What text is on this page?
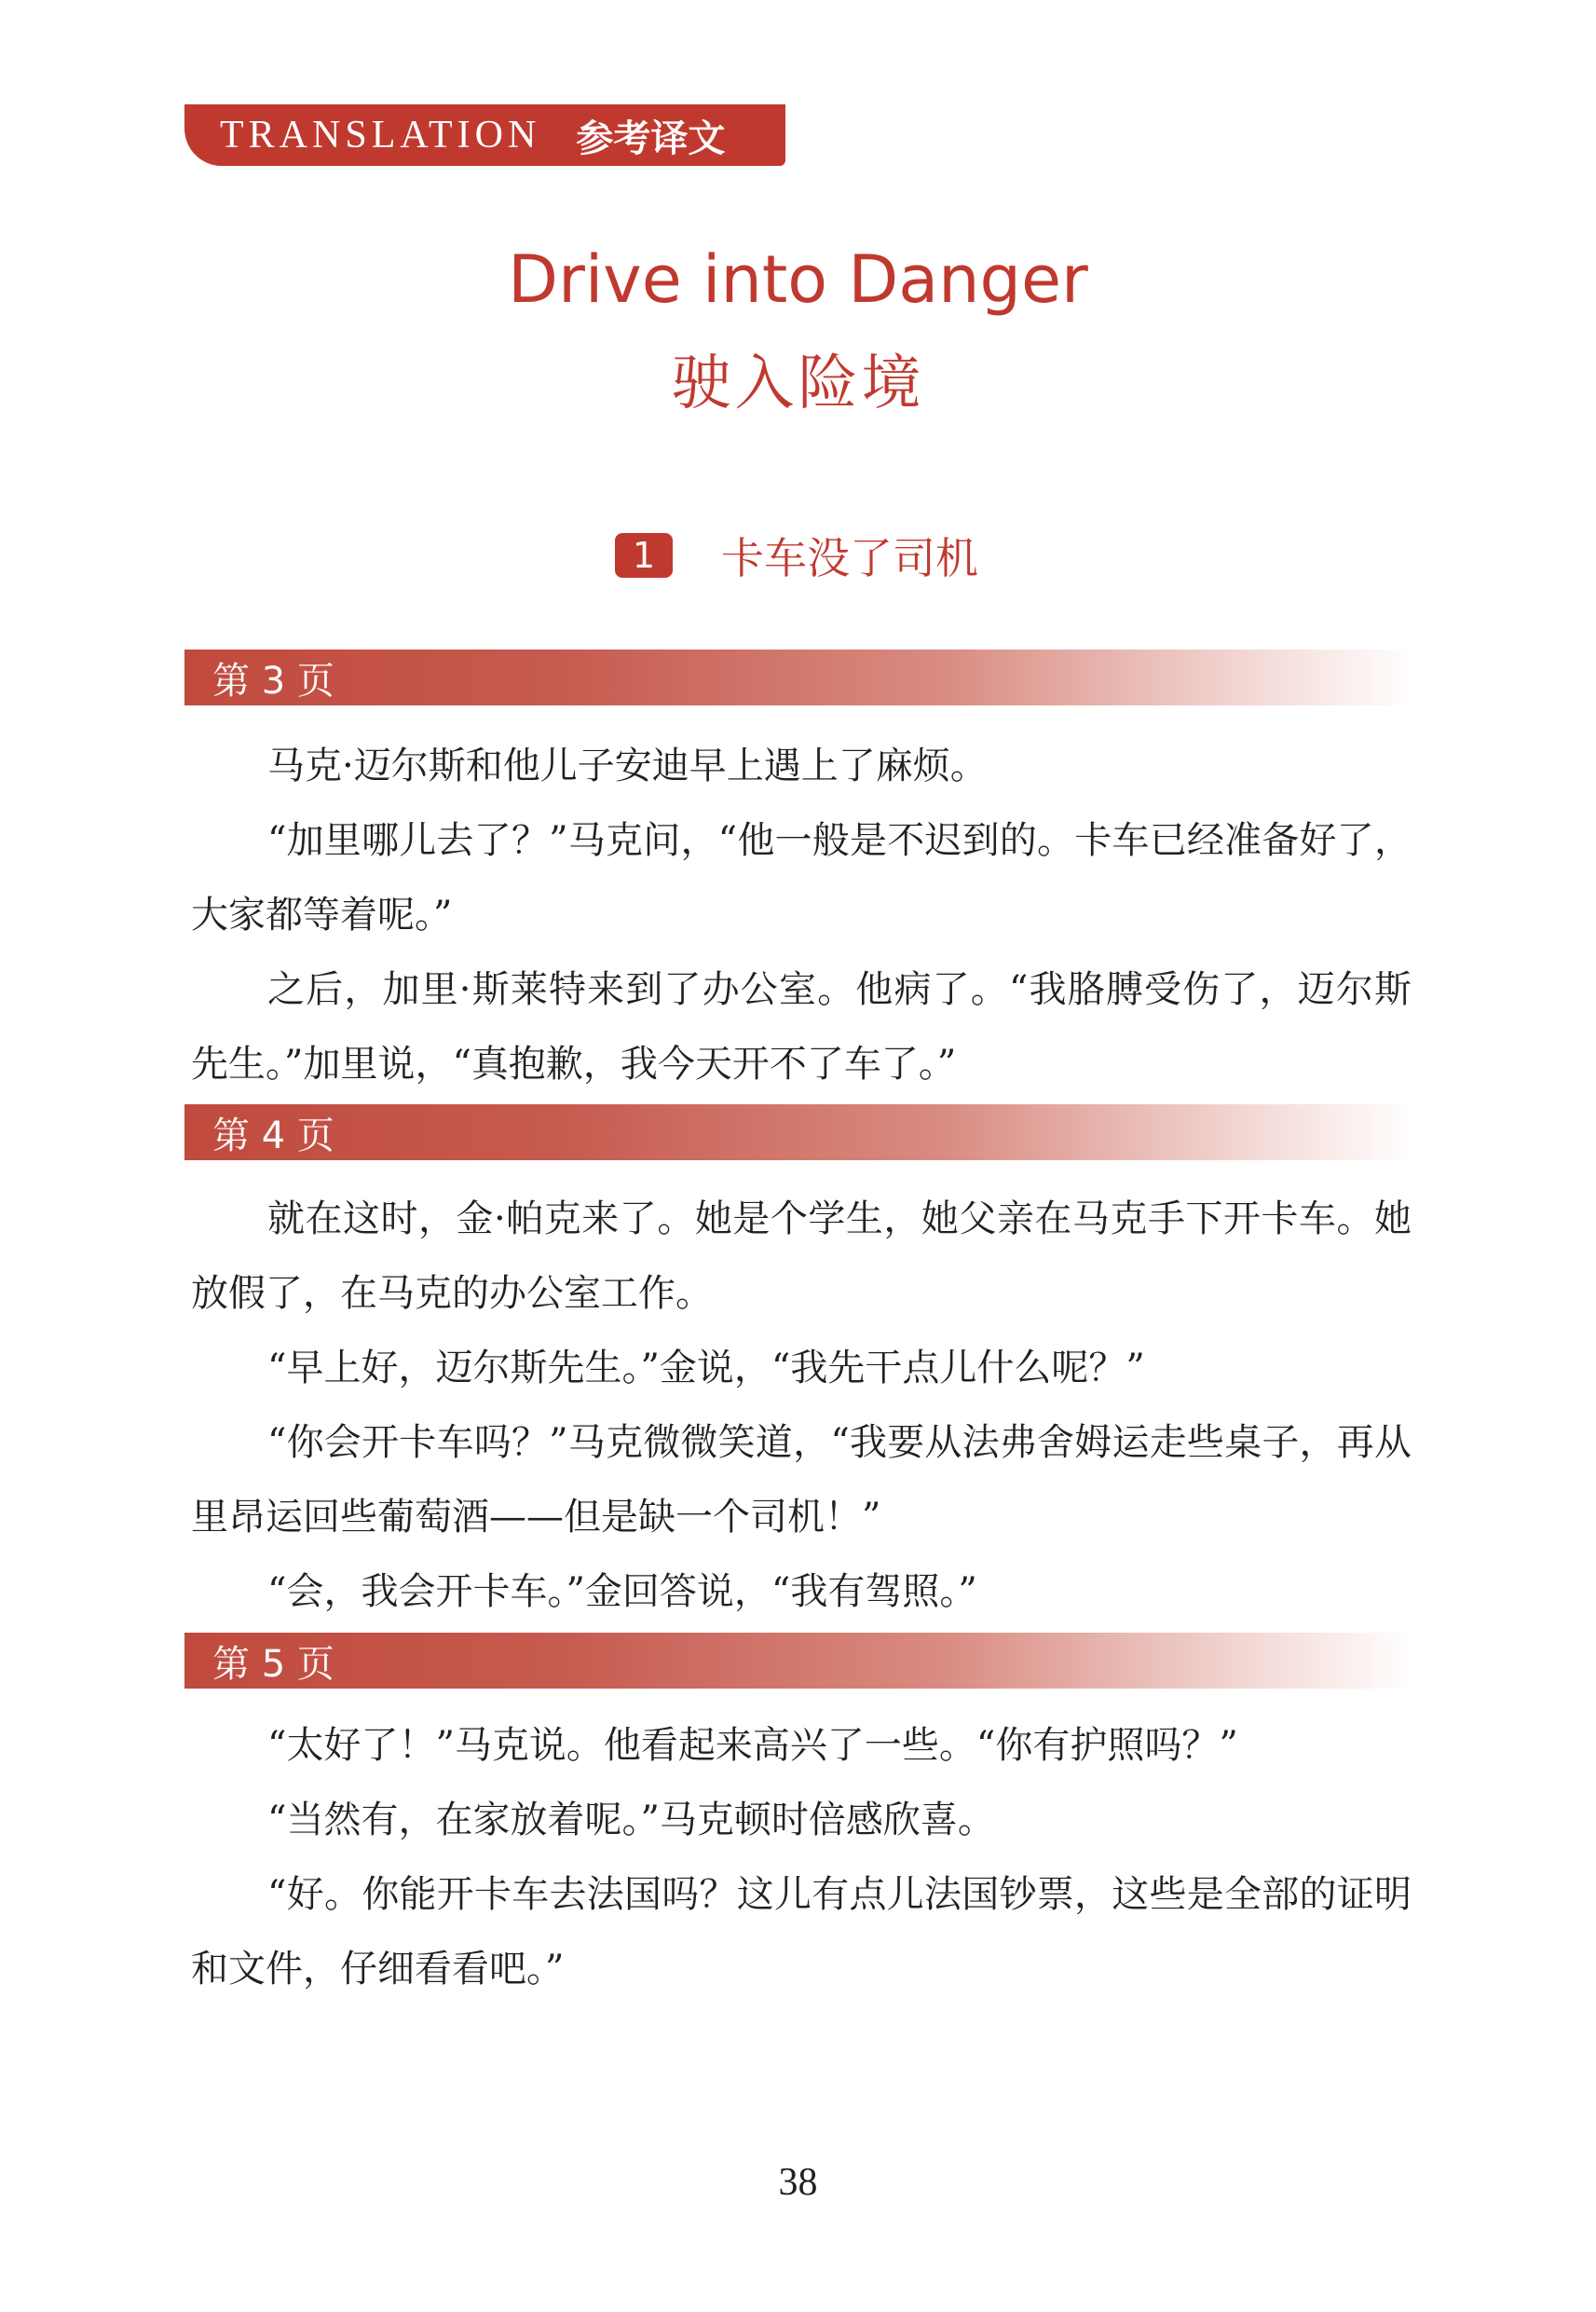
TRANSLATION 参考译文
Drive into Danger
驶入险境
1	卡车没了司机
第 3 页

马克·迈尔斯和他儿子安迪早上遇上了麻烦。

“加里哪儿去了？”马克问，“他一般是不迟到的。卡车已经准备好了，大家都等着呢。”

之后，加里·斯莱特来到了办公室。他病了。“我胳膊受伤了，迈尔斯先生。”加里说，“真抱歉，我今天开不了车了。”

第 4 页

就在这时，金·帕克来了。她是个学生，她父亲在马克手下开卡车。她放假了，在马克的办公室工作。

“早上好，迈尔斯先生。”金说，“我先干点儿什么呢？”

“你会开卡车吗？”马克微微笑道，“我要从法弗舍姆运走些桌子，再从里昂运回些葡萄酒——但是缺一个司机！”

“会，我会开卡车。”金回答说，“我有驾照。”

第 5 页

“太好了！”马克说。他看起来高兴了一些。“你有护照吗？”

“当然有，在家放着呢。”马克顿时倍感欣喜。

“好。你能开卡车去法国吗？这儿有点儿法国钞票，这些是全部的证明和文件，仔细看看吧。”

38
